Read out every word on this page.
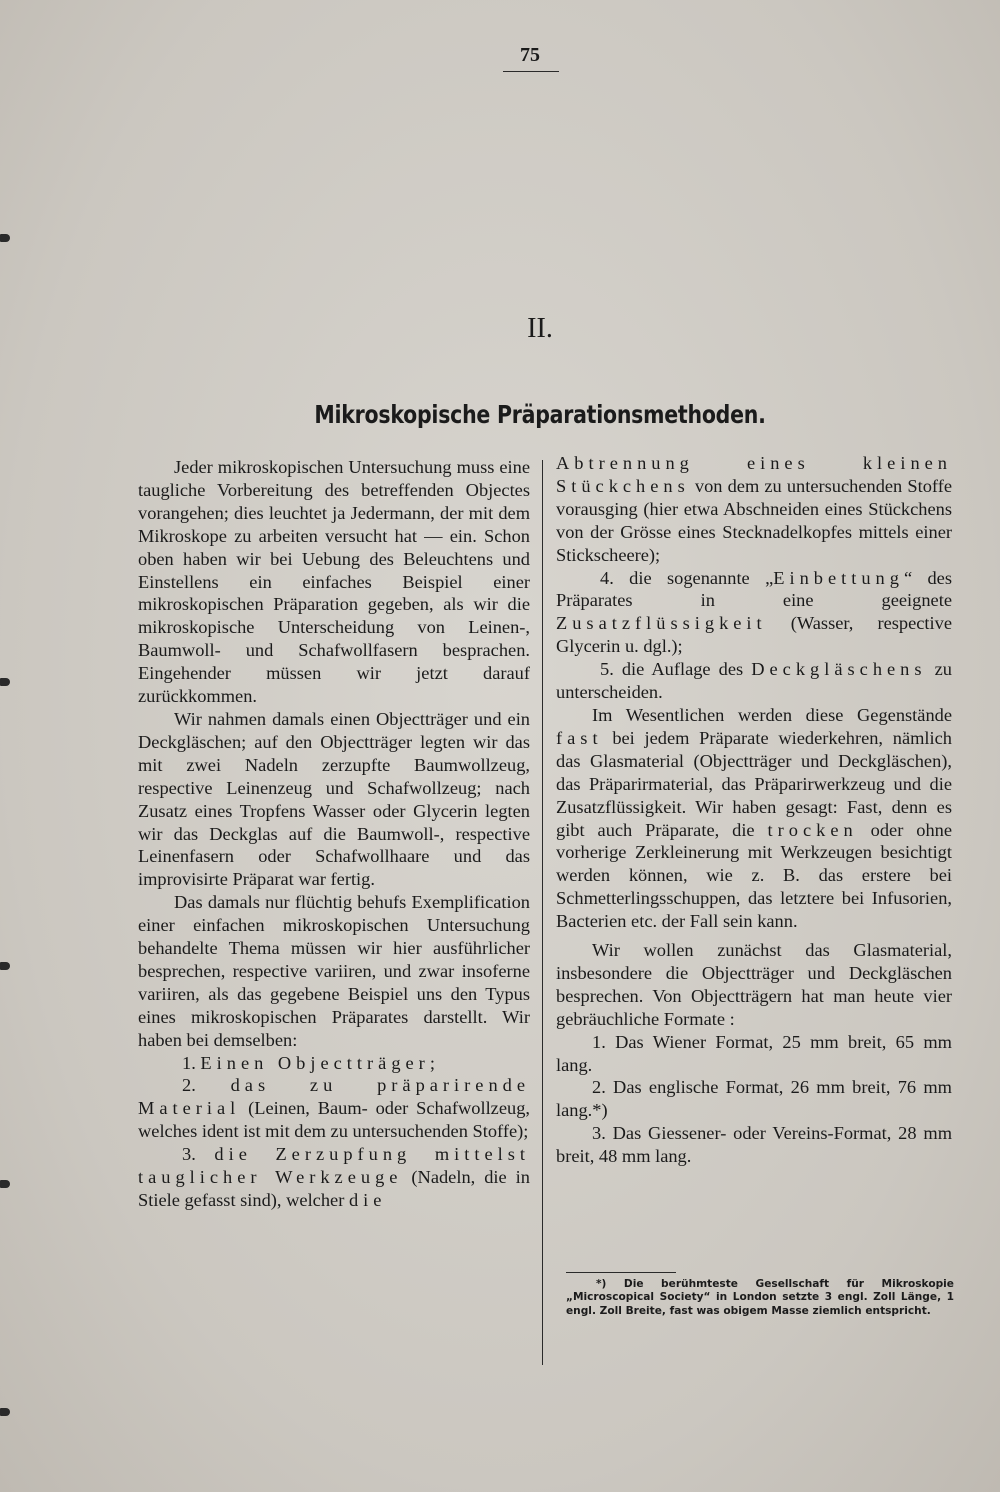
75
II.
Mikroskopische Präparationsmethoden.

Jeder mikroskopischen Untersuchung muss eine taugliche Vorbereitung des betreffenden Objectes vorangehen; dies leuchtet ja Jedermann, der mit dem Mikroskope zu arbeiten versucht hat — ein. Schon oben haben wir bei Uebung des Beleuchtens und Einstellens ein einfaches Beispiel einer mikroskopischen Präparation gegeben, als wir die mikroskopische Unterscheidung von Leinen-, Baumwoll- und Schafwollfasern besprachen. Eingehender müssen wir jetzt darauf zurückkommen.

Wir nahmen damals einen Objectträger und ein Deckgläschen; auf den Objectträger legten wir das mit zwei Nadeln zerzupfte Baumwollzeug, respective Leinenzeug und Schafwollzeug; nach Zusatz eines Tropfens Wasser oder Glycerin legten wir das Deckglas auf die Baumwoll-, respective Leinenfasern oder Schafwollhaare und das improvisirte Präparat war fertig.

Das damals nur flüchtig behufs Exemplification einer einfachen mikroskopischen Untersuchung behandelte Thema müssen wir hier ausführlicher besprechen, respective variiren, und zwar insoferne variiren, als das gegebene Beispiel uns den Typus eines mikroskopischen Präparates darstellt. Wir haben bei demselben:

1. Einen Objectträger;

2. das zu präparirende Material (Leinen, Baum- oder Schafwollzeug, welches ident ist mit dem zu untersuchenden Stoffe);

3. die Zerzupfung mittelst tauglicher Werkzeuge (Nadeln, die in Stiele gefasst sind), welcher die

Abtrennung eines kleinen Stückchens von dem zu untersuchenden Stoffe vorausging (hier etwa Abschneiden eines Stückchens von der Grösse eines Stecknadelkopfes mittels einer Stickscheere);

4. die sogenannte „Einbettung“ des Präparates in eine geeignete Zusatzflüssigkeit (Wasser, respective Glycerin u. dgl.);

5. die Auflage des Deckgläschens zu unterscheiden.

Im Wesentlichen werden diese Gegenstände fast bei jedem Präparate wiederkehren, nämlich das Glasmaterial (Objectträger und Deckgläschen), das Präparirmaterial, das Präparirwerkzeug und die Zusatzflüssigkeit. Wir haben gesagt: Fast, denn es gibt auch Präparate, die trocken oder ohne vorherige Zerkleinerung mit Werkzeugen besichtigt werden können, wie z. B. das erstere bei Schmetterlingsschuppen, das letztere bei Infusorien, Bacterien etc. der Fall sein kann.

Wir wollen zunächst das Glasmaterial, insbesondere die Objectträger und Deckgläschen besprechen. Von Objectträgern hat man heute vier gebräuchliche Formate :

1. Das Wiener Format, 25 mm breit, 65 mm lang.

2. Das englische Format, 26 mm breit, 76 mm lang.*)

3. Das Giessener- oder Vereins-Format, 28 mm breit, 48 mm lang.

*) Die berühmteste Gesellschaft für Mikroskopie „Microscopical Society“ in London setzte 3 engl. Zoll Länge, 1 engl. Zoll Breite, fast was obigem Masse ziemlich entspricht.
